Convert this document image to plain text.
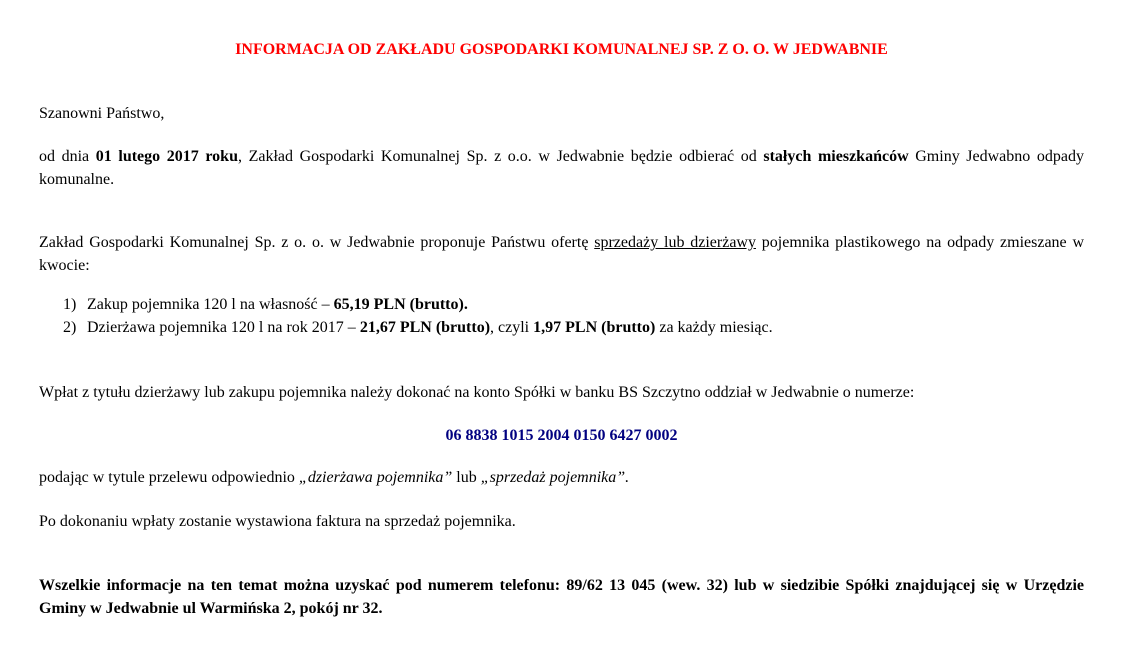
INFORMACJA OD ZAKŁADU GOSPODARKI KOMUNALNEJ SP. Z O. O. W JEDWABNIE
Szanowni Państwo,
od dnia 01 lutego 2017 roku, Zakład Gospodarki Komunalnej Sp. z o.o. w Jedwabnie będzie odbierać od stałych mieszkańców Gminy Jedwabno odpady komunalne.
Zakład Gospodarki Komunalnej Sp. z o. o. w Jedwabnie proponuje Państwu ofertę sprzedaży lub dzierżawy pojemnika plastikowego na odpady zmieszane w kwocie:
1) Zakup pojemnika 120 l na własność – 65,19 PLN (brutto).
2) Dzierżawa pojemnika 120 l na rok 2017 – 21,67 PLN (brutto), czyli 1,97 PLN (brutto) za każdy miesiąc.
Wpłat z tytułu dzierżawy lub zakupu pojemnika należy dokonać na konto Spółki w banku BS Szczytno oddział w Jedwabnie o numerze:
06 8838 1015 2004 0150 6427 0002
podając w tytule przelewu odpowiednio „dzierżawa pojemnika” lub „sprzedaż pojemnika”.
Po dokonaniu wpłaty zostanie wystawiona faktura na sprzedaż pojemnika.
Wszelkie informacje na ten temat można uzyskać pod numerem telefonu: 89/62 13 045 (wew. 32) lub w siedzibie Spółki znajdującej się w Urzędzie Gminy w Jedwabnie ul Warmińska 2, pokój nr 32.
